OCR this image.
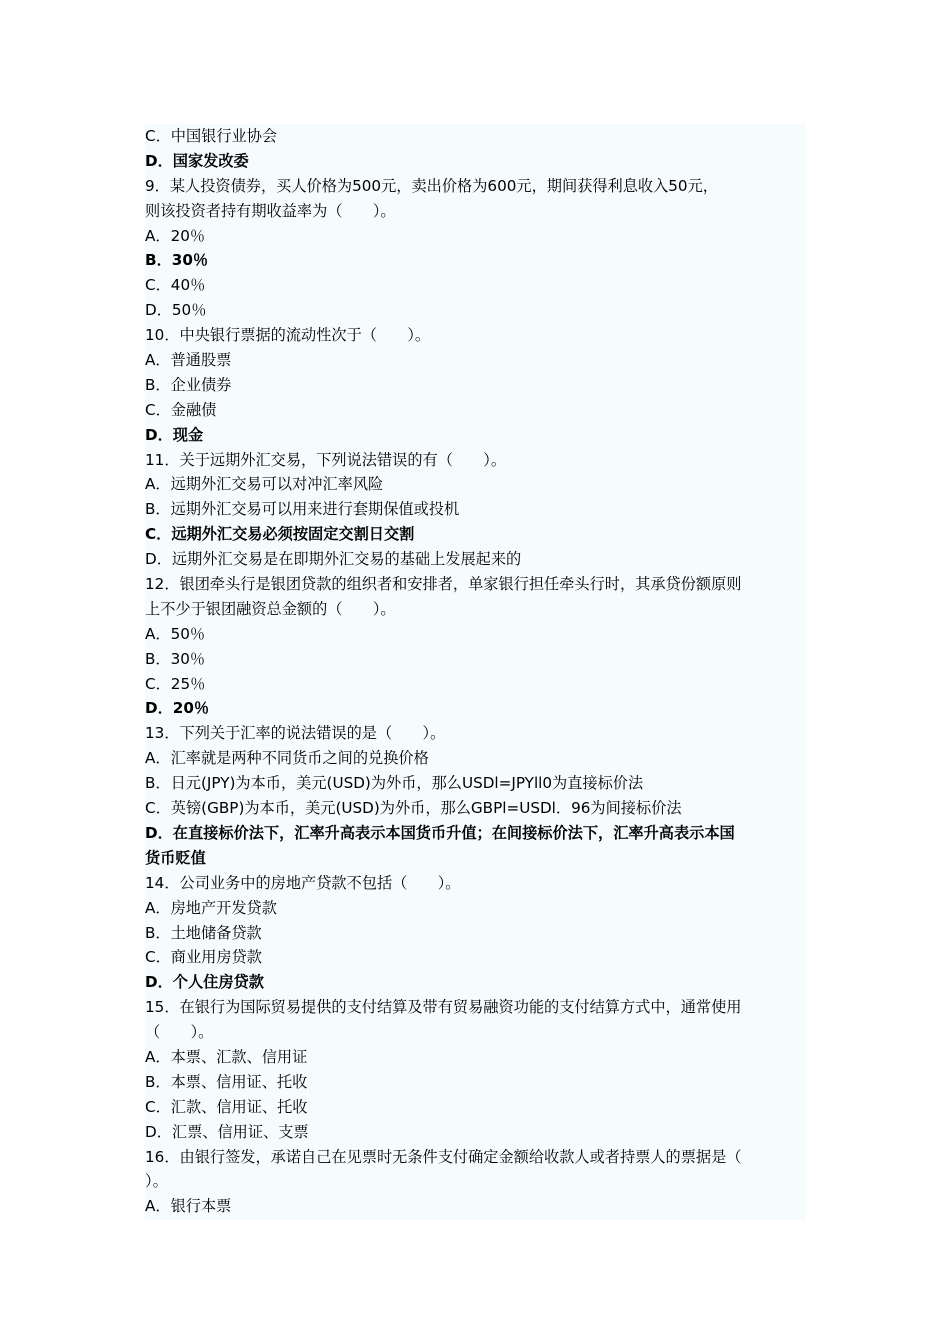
C．中国银行业协会
D．国家发改委
9．某人投资债券，买人价格为500元，卖出价格为600元，期间获得利息收入50元，
则该投资者持有期收益率为（　　）。
A．20％
B．30％
C．40％
D．50％
10．中央银行票据的流动性次于（　　）。
A．普通股票
B．企业债券
C．金融债
D．现金
11．关于远期外汇交易，下列说法错误的有（　　）。
A．远期外汇交易可以对冲汇率风险
B．远期外汇交易可以用来进行套期保值或投机
C．远期外汇交易必须按固定交割日交割
D．远期外汇交易是在即期外汇交易的基础上发展起来的
12．银团牵头行是银团贷款的组织者和安排者，单家银行担任牵头行时，其承贷份额原则
上不少于银团融资总金额的（　　）。
A．50％
B．30％
C．25％
D．20％
13．下列关于汇率的说法错误的是（　　）。
A．汇率就是两种不同货币之间的兑换价格
B．日元(JPY)为本币，美元(USD)为外币，那么USDl=JPYll0为直接标价法
C．英镑(GBP)为本币，美元(USD)为外币，那么GBPl=USDl．96为间接标价法
D．在直接标价法下，汇率升高表示本国货币升值；在间接标价法下，汇率升高表示本国
货币贬值
14．公司业务中的房地产贷款不包括（　　）。
A．房地产开发贷款
B．土地储备贷款
C．商业用房贷款
D．个人住房贷款
15．在银行为国际贸易提供的支付结算及带有贸易融资功能的支付结算方式中，通常使用
（　　）。
A．本票、汇款、信用证
B．本票、信用证、托收
C．汇款、信用证、托收
D．汇票、信用证、支票
16．由银行签发，承诺自己在见票时无条件支付确定金额给收款人或者持票人的票据是（
）。
A．银行本票
